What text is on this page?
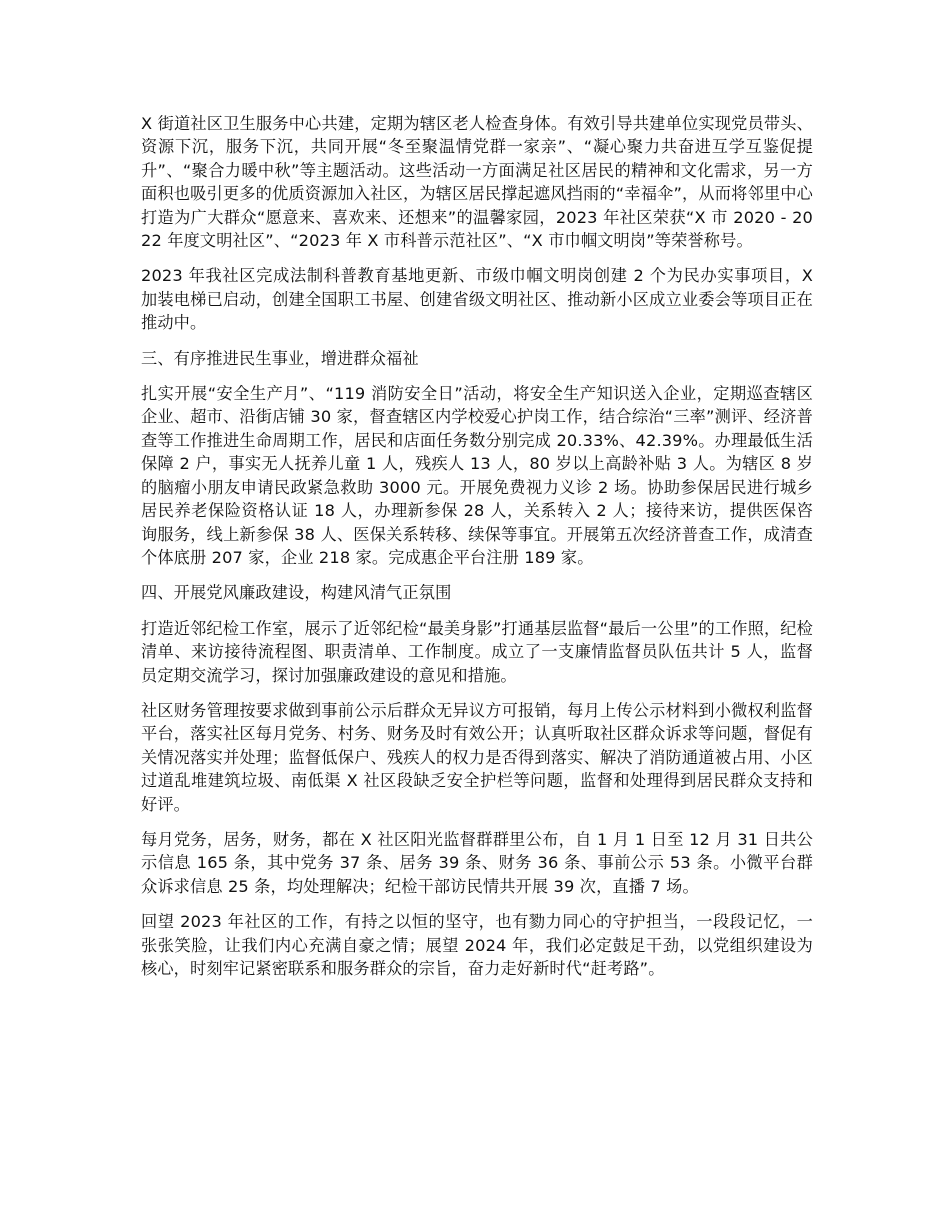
X 街道社区卫生服务中心共建，定期为辖区老人检查身体。有效引导共建单位实现党员带头、资源下沉，服务下沉，共同开展“冬至聚温情党群一家亲”、“凝心聚力共奋进互学互鉴促提升”、“聚合力暖中秋”等主题活动。这些活动一方面满足社区居民的精神和文化需求，另一方面积也吸引更多的优质资源加入社区，为辖区居民撑起遮风挡雨的“幸福伞”，从而将邻里中心打造为广大群众“愿意来、喜欢来、还想来”的温馨家园，2023 年社区荣获“X 市 2020 - 2022 年度文明社区”、“2023 年 X 市科普示范社区”、“X 市巾帼文明岗”等荣誉称号。

2023 年我社区完成法制科普教育基地更新、市级巾帼文明岗创建 2 个为民办实事项目，X 加装电梯已启动，创建全国职工书屋、创建省级文明社区、推动新小区成立业委会等项目正在推动中。

三、有序推进民生事业，增进群众福祉

扎实开展“安全生产月”、“119 消防安全日”活动，将安全生产知识送入企业，定期巡查辖区企业、超市、沿街店铺 30 家，督查辖区内学校爱心护岗工作，结合综治“三率”测评、经济普查等工作推进生命周期工作，居民和店面任务数分别完成 20.33%、42.39%。办理最低生活保障 2 户，事实无人抚养儿童 1 人，残疾人 13 人，80 岁以上高龄补贴 3 人。为辖区 8 岁的脑瘤小朋友申请民政紧急救助 3000 元。开展免费视力义诊 2 场。协助参保居民进行城乡居民养老保险资格认证 18 人，办理新参保 28 人，关系转入 2 人；接待来访，提供医保咨询服务，线上新参保 38 人、医保关系转移、续保等事宜。开展第五次经济普查工作，成清查个体底册 207 家，企业 218 家。完成惠企平台注册 189 家。

四、开展党风廉政建设，构建风清气正氛围

打造近邻纪检工作室，展示了近邻纪检“最美身影”打通基层监督“最后一公里”的工作照，纪检清单、来访接待流程图、职责清单、工作制度。成立了一支廉情监督员队伍共计 5 人，监督员定期交流学习，探讨加强廉政建设的意见和措施。

社区财务管理按要求做到事前公示后群众无异议方可报销，每月上传公示材料到小微权利监督平台，落实社区每月党务、村务、财务及时有效公开；认真听取社区群众诉求等问题，督促有关情况落实并处理；监督低保户、残疾人的权力是否得到落实、解决了消防通道被占用、小区过道乱堆建筑垃圾、南低渠 X 社区段缺乏安全护栏等问题，监督和处理得到居民群众支持和好评。

每月党务，居务，财务，都在 X 社区阳光监督群群里公布，自 1 月 1 日至 12 月 31 日共公示信息 165 条，其中党务 37 条、居务 39 条、财务 36 条、事前公示 53 条。小微平台群众诉求信息 25 条，均处理解决；纪检干部访民情共开展 39 次，直播 7 场。

回望 2023 年社区的工作，有持之以恒的坚守，也有勠力同心的守护担当，一段段记忆，一张张笑脸，让我们内心充满自豪之情；展望 2024 年，我们必定鼓足干劲，以党组织建设为核心，时刻牢记紧密联系和服务群众的宗旨，奋力走好新时代“赶考路”。
